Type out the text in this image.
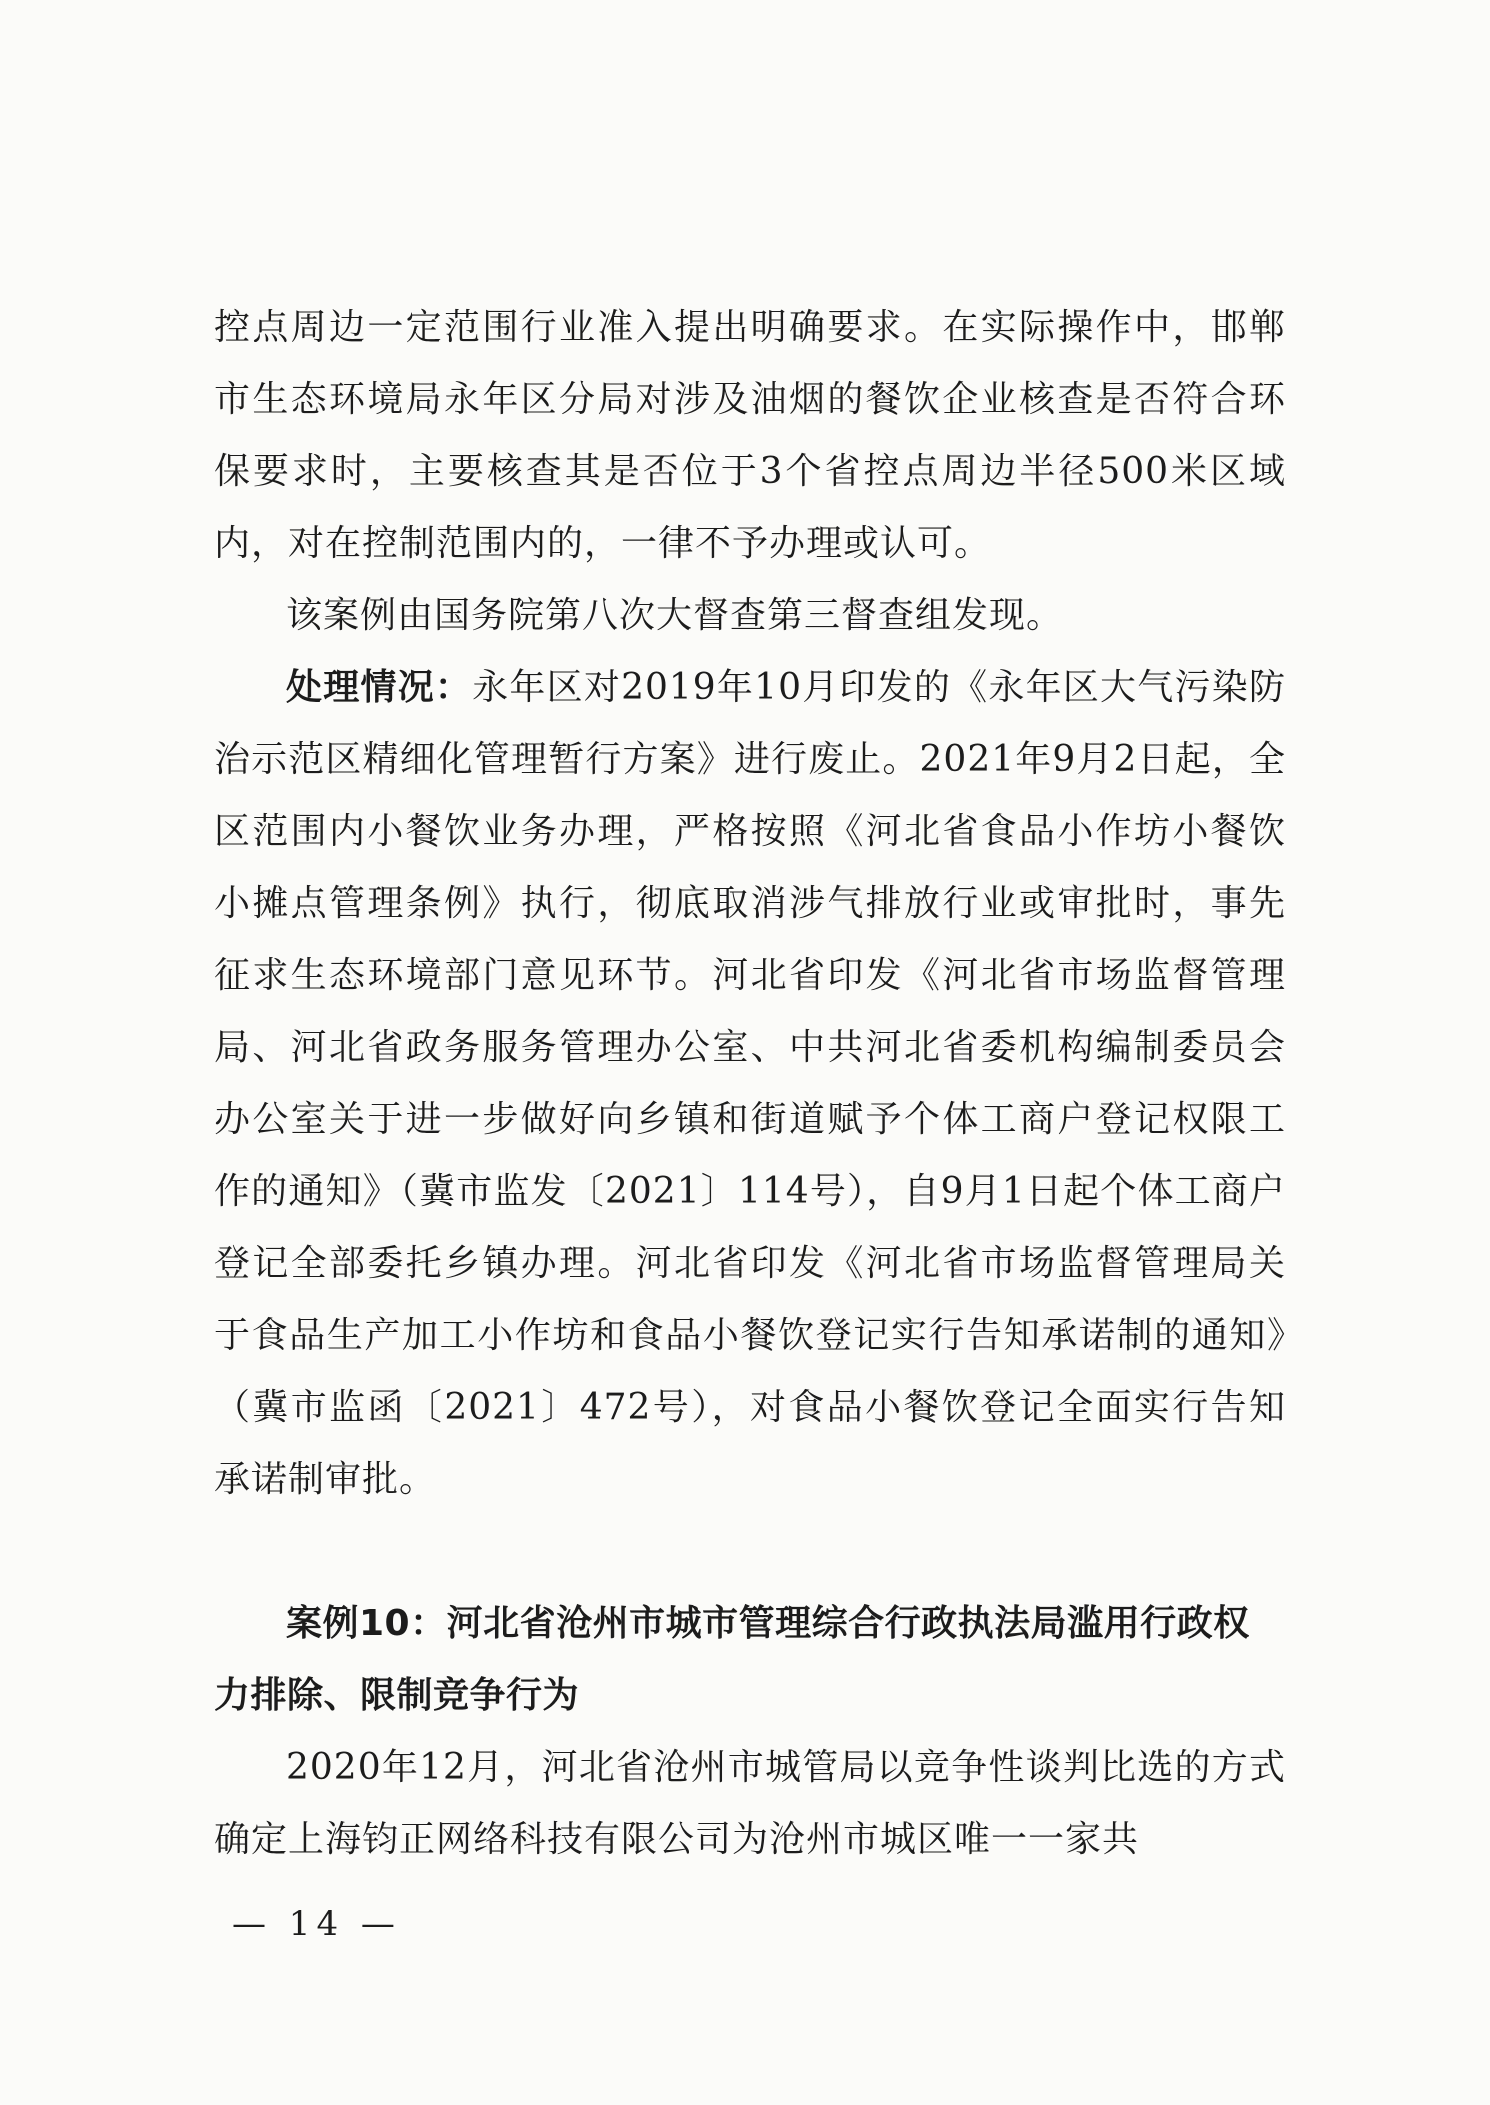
控点周边一定范围行业准入提出明确要求。在实际操作中，邯郸市生态环境局永年区分局对涉及油烟的餐饮企业核查是否符合环保要求时，主要核查其是否位于3个省控点周边半径500米区域内，对在控制范围内的，一律不予办理或认可。

该案例由国务院第八次大督查第三督查组发现。

处理情况：永年区对2019年10月印发的《永年区大气污染防治示范区精细化管理暂行方案》进行废止。2021年9月2日起，全区范围内小餐饮业务办理，严格按照《河北省食品小作坊小餐饮小摊点管理条例》执行，彻底取消涉气排放行业或审批时，事先征求生态环境部门意见环节。河北省印发《河北省市场监督管理局、河北省政务服务管理办公室、中共河北省委机构编制委员会办公室关于进一步做好向乡镇和街道赋予个体工商户登记权限工作的通知》（冀市监发〔2021〕114号），自9月1日起个体工商户登记全部委托乡镇办理。河北省印发《河北省市场监督管理局关于食品生产加工小作坊和食品小餐饮登记实行告知承诺制的通知》（冀市监函〔2021〕472号），对食品小餐饮登记全面实行告知承诺制审批。

案例10：河北省沧州市城市管理综合行政执法局滥用行政权力排除、限制竞争行为

2020年12月，河北省沧州市城管局以竞争性谈判比选的方式确定上海钧正网络科技有限公司为沧州市城区唯一一家共

— 14 —
